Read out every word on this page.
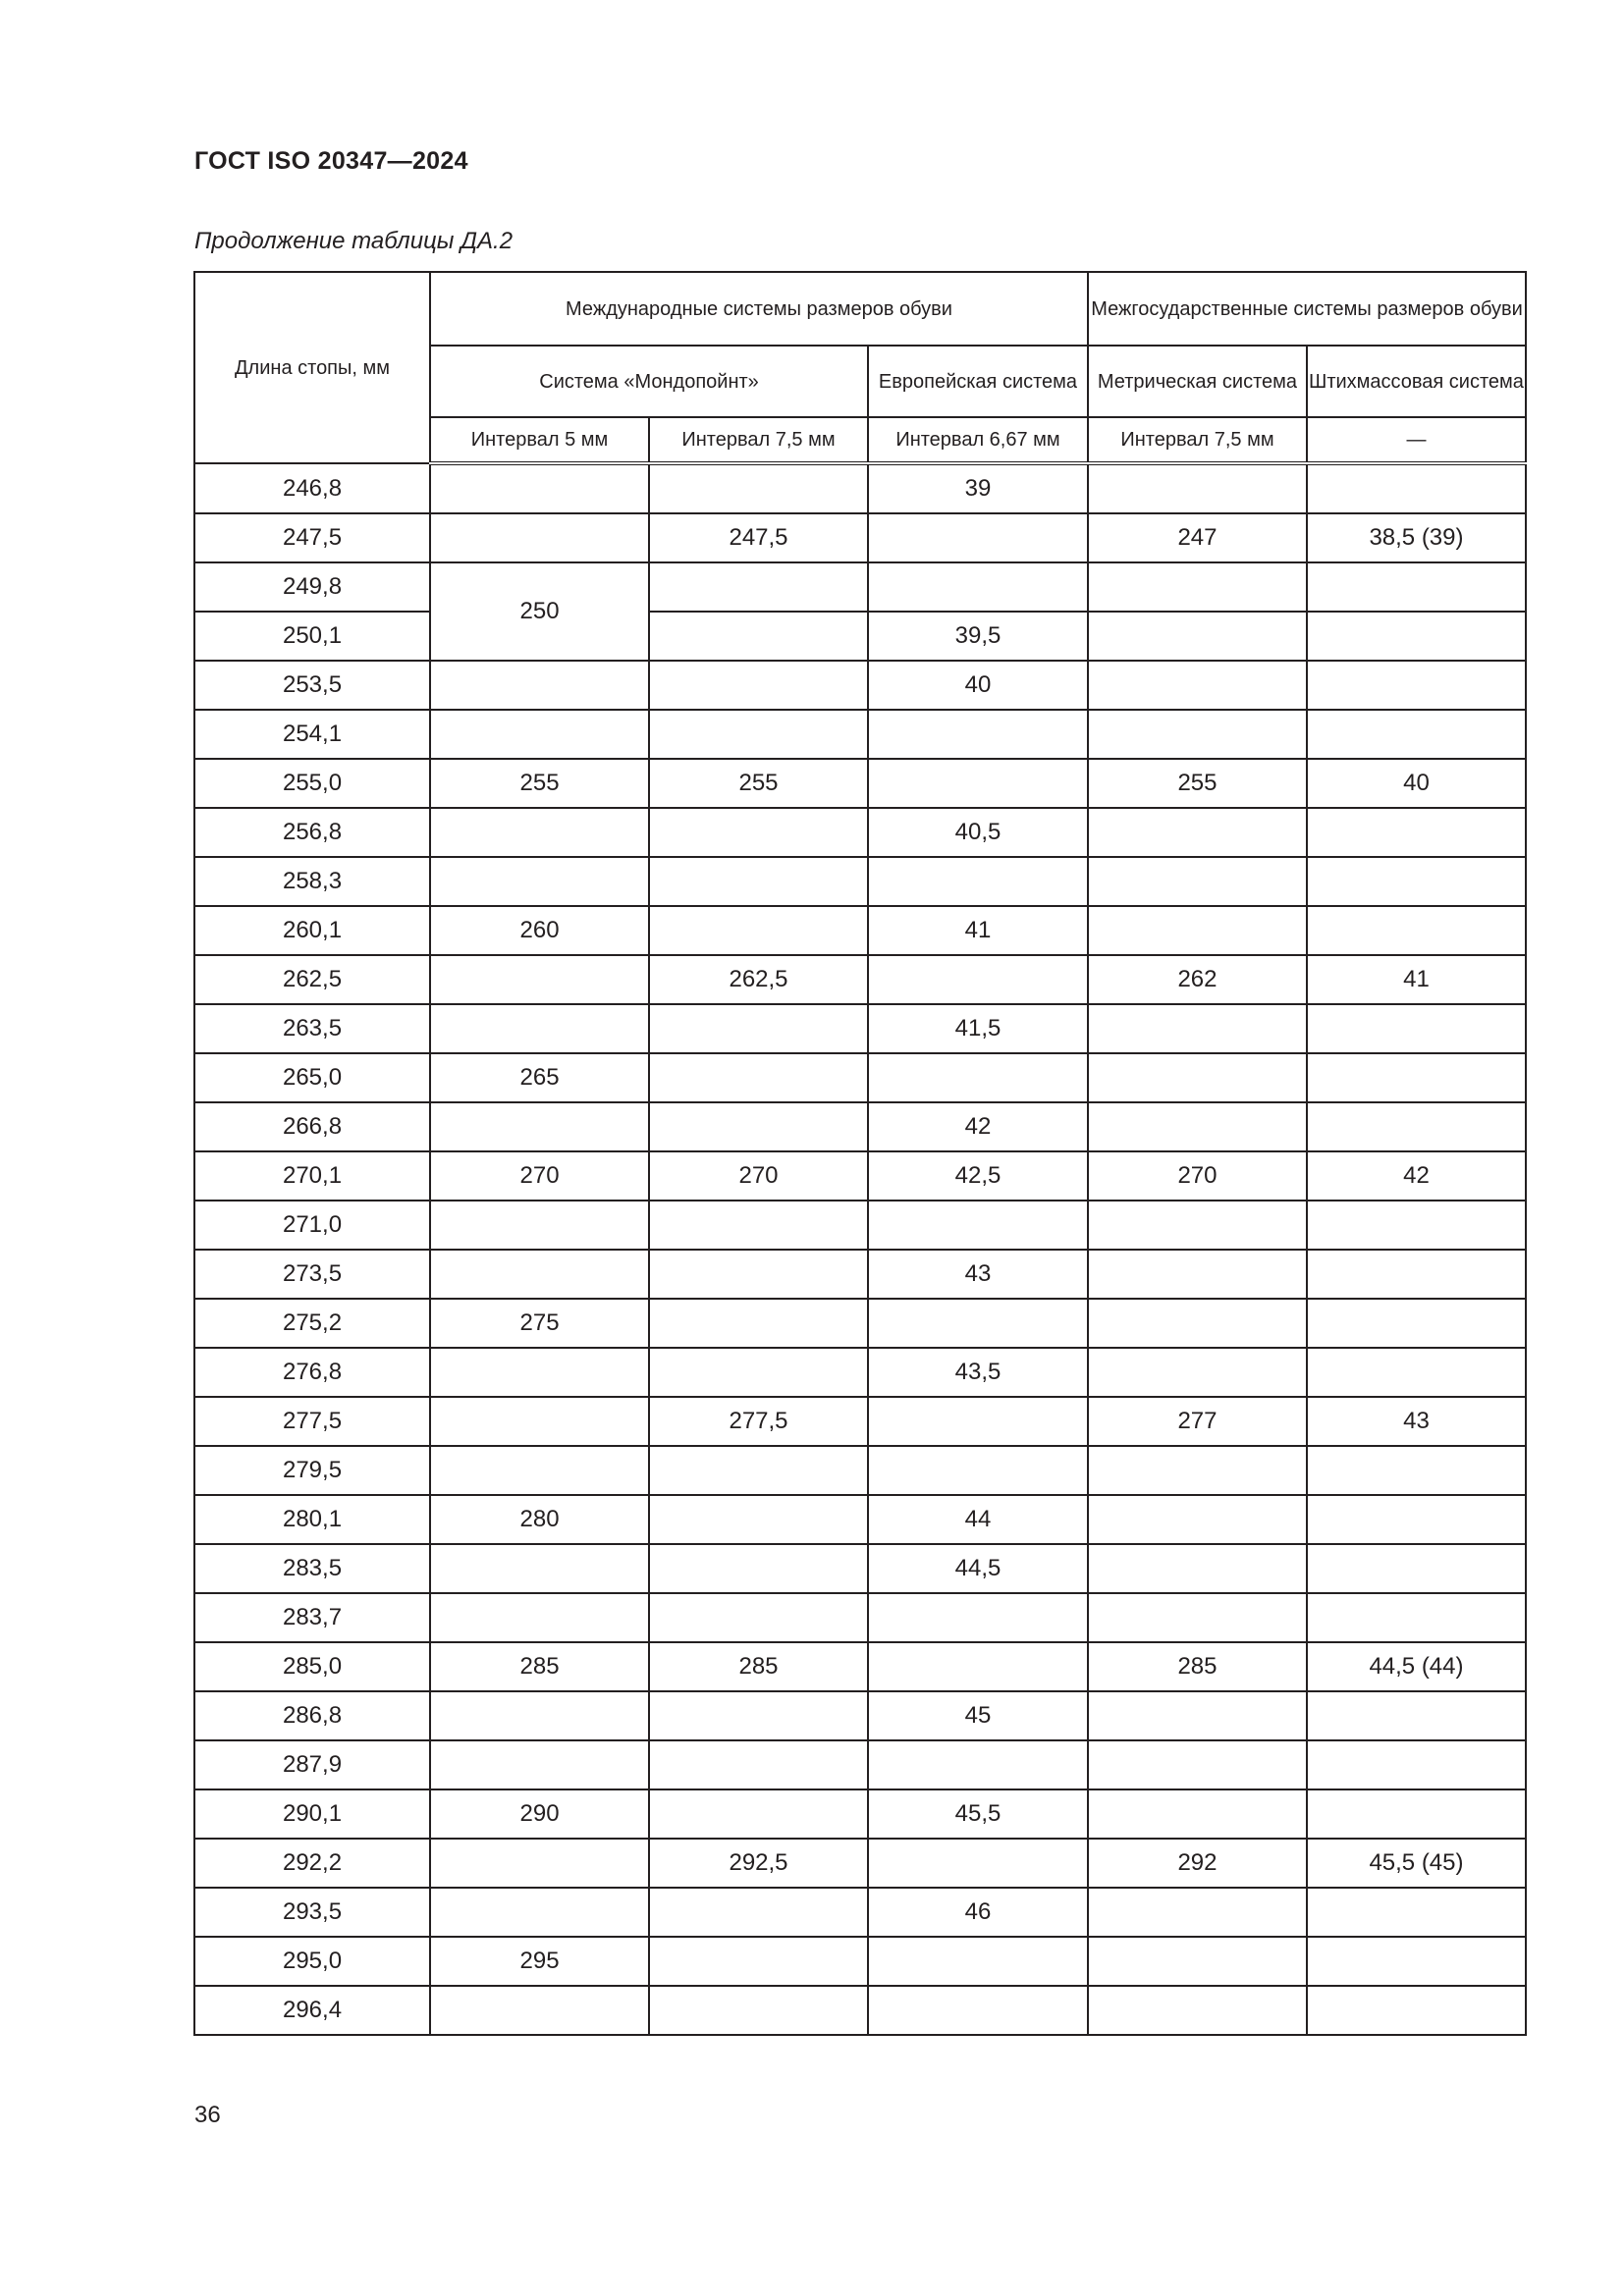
ГОСТ ISO 20347—2024
Продолжение таблицы ДА.2
Длина стопы, мм	Международные системы размеров обуви			Межгосударственные системы размеров обуви	
	Система «Мондопойнт»		Европейская система	Метрическая система	Штихмассовая система
	Интервал 5 мм	Интервал 7,5 мм	Интервал 6,67 мм	Интервал 7,5 мм	—
246,8			39		
247,5		247,5		247	38,5 (39)
249,8	250				
250,1			39,5		
253,5			40		
254,1					
255,0	255	255		255	40
256,8			40,5		
258,3					
260,1	260		41		
262,5		262,5		262	41
263,5			41,5		
265,0	265				
266,8			42		
270,1	270	270	42,5	270	42
271,0					
273,5			43		
275,2	275				
276,8			43,5		
277,5		277,5		277	43
279,5					
280,1	280		44		
283,5			44,5		
283,7					
285,0	285	285		285	44,5 (44)
286,8			45		
287,9					
290,1	290		45,5		
292,2		292,5		292	45,5 (45)
293,5			46		
295,0	295				
296,4					
36
